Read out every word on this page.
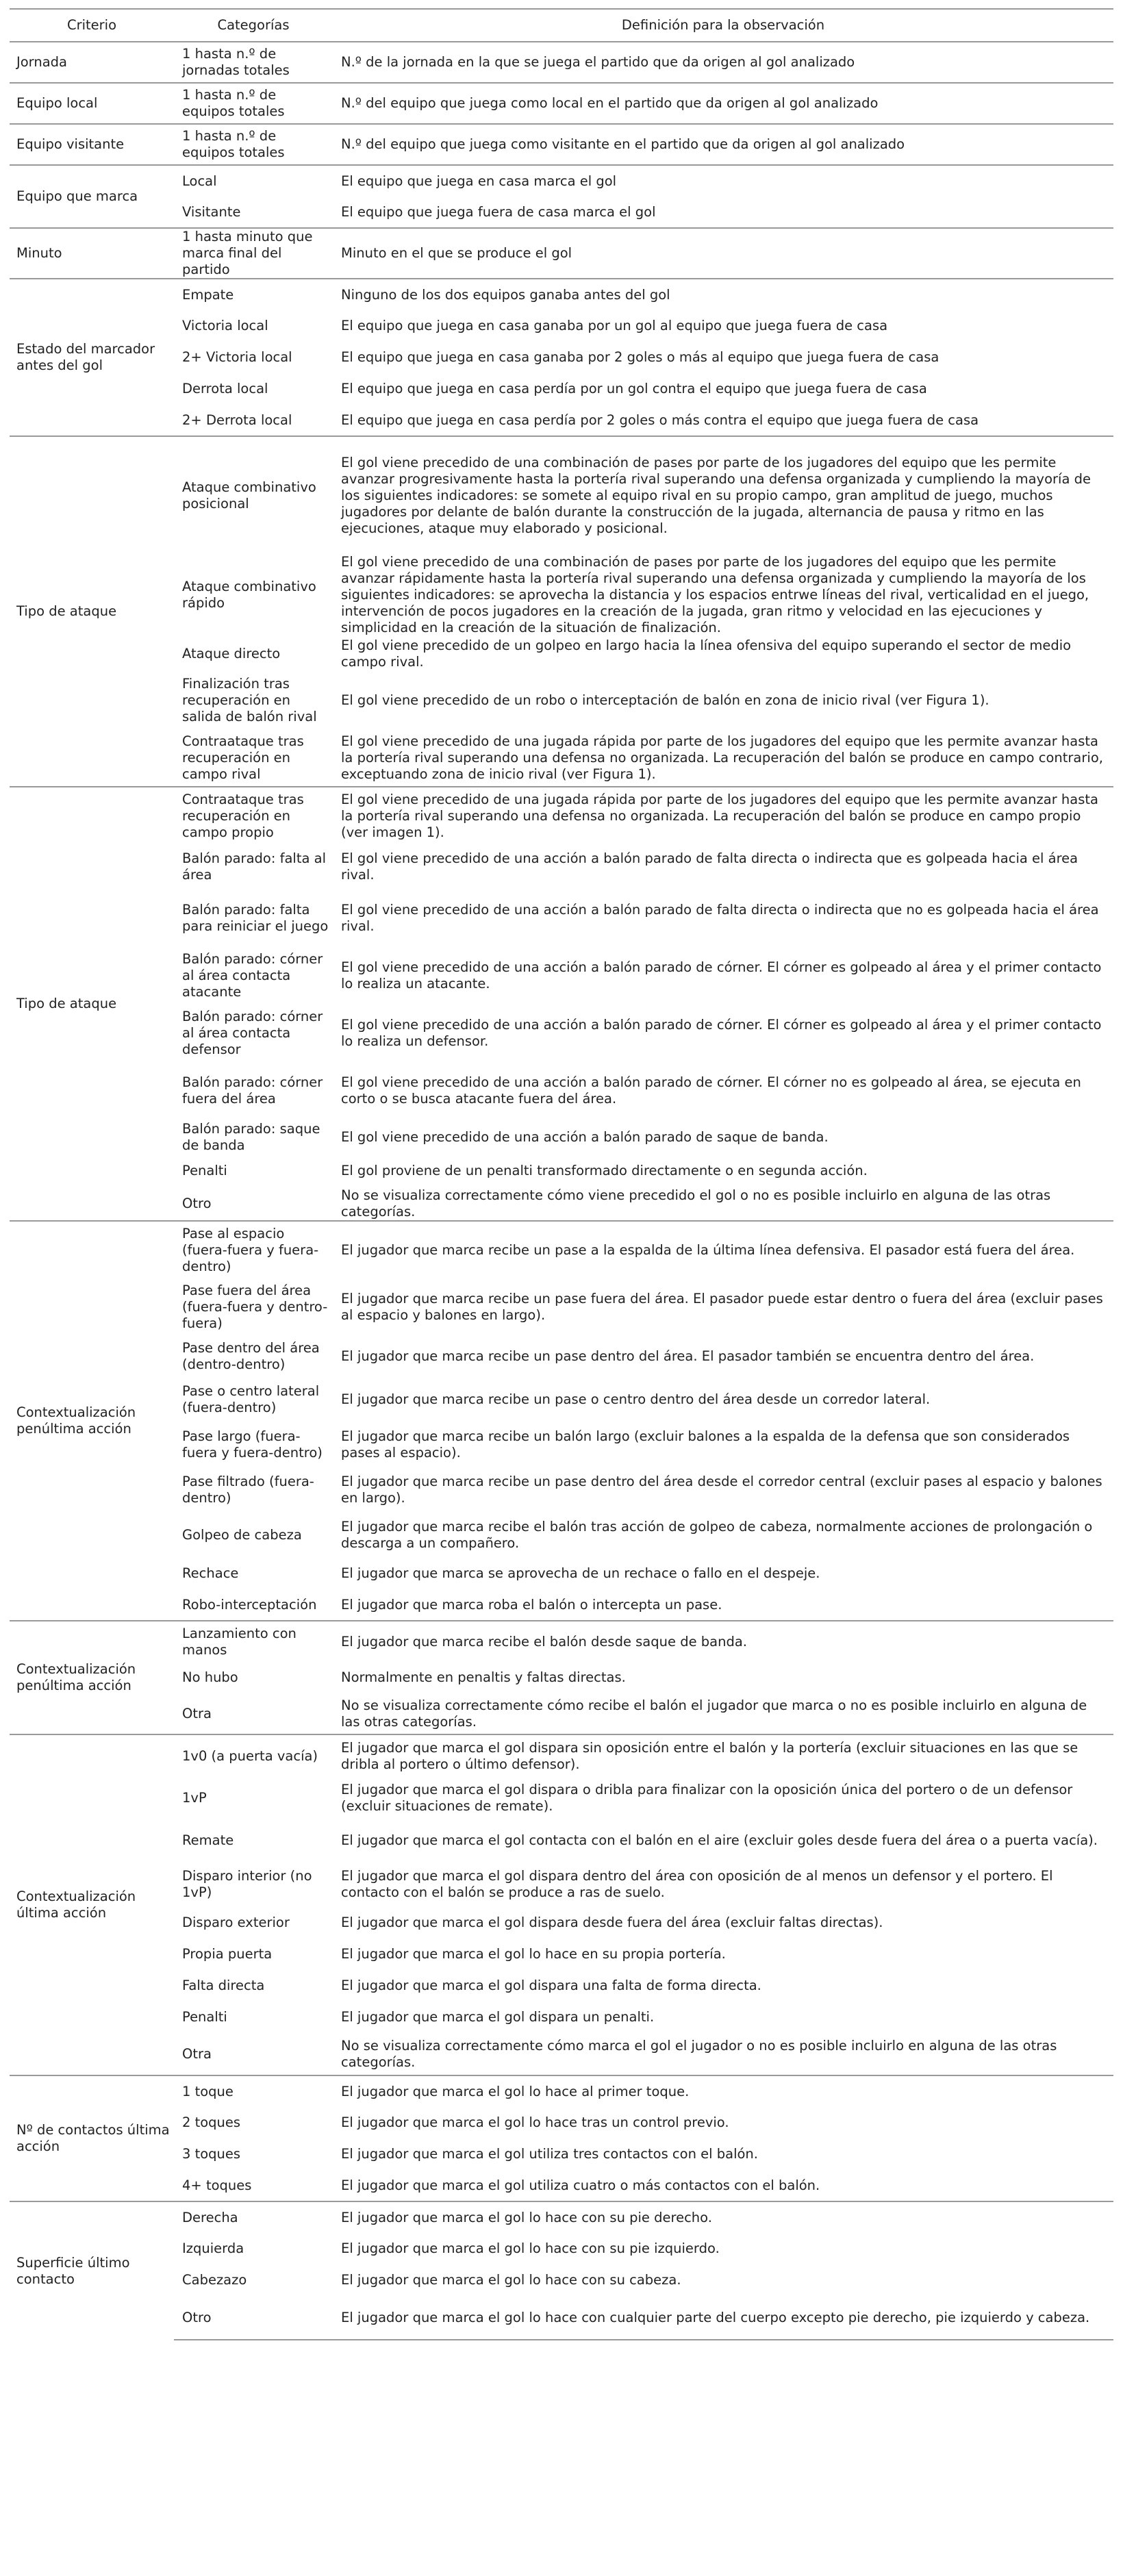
Criterio	Categorías	Definición para la observación
Jornada	1 hasta n.º de jornadas totales	N.º de la jornada en la que se juega el partido que da origen al gol analizado
Equipo local	1 hasta n.º de equipos totales	N.º del equipo que juega como local en el partido que da origen al gol analizado
Equipo visitante	1 hasta n.º de equipos totales	N.º del equipo que juega como visitante en el partido que da origen al gol analizado
Equipo que marca	Local	El equipo que juega en casa marca el gol
	Visitante	El equipo que juega fuera de casa marca el gol
Minuto	1 hasta minuto que marca final del partido	Minuto en el que se produce el gol
Estado del marcador antes del gol	Empate	Ninguno de los dos equipos ganaba antes del gol
	Victoria local	El equipo que juega en casa ganaba por un gol al equipo que juega fuera de casa
	2+ Victoria local	El equipo que juega en casa ganaba por 2 goles o más al equipo que juega fuera de casa
	Derrota local	El equipo que juega en casa perdía por un gol contra el equipo que juega fuera de casa
	2+ Derrota local	El equipo que juega en casa perdía por 2 goles o más contra el equipo que juega fuera de casa
Tipo de ataque	Ataque combinativo posicional	El gol viene precedido de una combinación de pases por parte de los jugadores del equipo que les permite avanzar progresivamente hasta la portería rival superando una defensa organizada y cumpliendo la mayoría de los siguientes indicadores: se somete al equipo rival en su propio campo, gran amplitud de juego, muchos jugadores por delante de balón durante la construcción de la jugada, alternancia de pausa y ritmo en las ejecuciones, ataque muy elaborado y posicional.
	Ataque combinativo rápido	El gol viene precedido de una combinación de pases por parte de los jugadores del equipo que les permite avanzar rápidamente hasta la portería rival superando una defensa organizada y cumpliendo la mayoría de los siguientes indicadores: se aprovecha la distancia y los espacios entrwe líneas del rival, verticalidad en el juego, intervención de pocos jugadores en la creación de la jugada, gran ritmo y velocidad en las ejecuciones y simplicidad en la creación de la situación de finalización.
	Ataque directo	El gol viene precedido de un golpeo en largo hacia la línea ofensiva del equipo superando el sector de medio campo rival.
	Finalización tras recuperación en salida de balón rival	El gol viene precedido de un robo o interceptación de balón en zona de inicio rival (ver Figura 1).
	Contraataque tras recuperación en campo rival	El gol viene precedido de una jugada rápida por parte de los jugadores del equipo que les permite avanzar hasta la portería rival superando una defensa no organizada. La recuperación del balón se produce en campo contrario, exceptuando zona de inicio rival (ver Figura 1).
Tipo de ataque	Contraataque tras recuperación en campo propio	El gol viene precedido de una jugada rápida por parte de los jugadores del equipo que les permite avanzar hasta la portería rival superando una defensa no organizada. La recuperación del balón se produce en campo propio (ver imagen 1).
	Balón parado: falta al área	El gol viene precedido de una acción a balón parado de falta directa o indirecta que es golpeada hacia el área rival.
	Balón parado: falta para reiniciar el juego	El gol viene precedido de una acción a balón parado de falta directa o indirecta que no es golpeada hacia el área rival.
	Balón parado: córner al área contacta atacante	El gol viene precedido de una acción a balón parado de córner. El córner es golpeado al área y el primer contacto lo realiza un atacante.
	Balón parado: córner al área contacta defensor	El gol viene precedido de una acción a balón parado de córner. El córner es golpeado al área y el primer contacto lo realiza un defensor.
	Balón parado: córner fuera del área	El gol viene precedido de una acción a balón parado de córner. El córner no es golpeado al área, se ejecuta en corto o se busca atacante fuera del área.
	Balón parado: saque de banda	El gol viene precedido de una acción a balón parado de saque de banda.
	Penalti	El gol proviene de un penalti transformado directamente o en segunda acción.
	Otro	No se visualiza correctamente cómo viene precedido el gol o no es posible incluirlo en alguna de las otras categorías.
Contextualización penúltima acción	Pase al espacio (fuera-fuera y fuera-dentro)	El jugador que marca recibe un pase a la espalda de la última línea defensiva. El pasador está fuera del área.
	Pase fuera del área (fuera-fuera y dentro-fuera)	El jugador que marca recibe un pase fuera del área. El pasador puede estar dentro o fuera del área (excluir pases al espacio y balones en largo).
	Pase dentro del área (dentro-dentro)	El jugador que marca recibe un pase dentro del área. El pasador también se encuentra dentro del área.
	Pase o centro lateral (fuera-dentro)	El jugador que marca recibe un pase o centro dentro del área desde un corredor lateral.
	Pase largo (fuera-fuera y fuera-dentro)	El jugador que marca recibe un balón largo (excluir balones a la espalda de la defensa que son considerados pases al espacio).
	Pase filtrado (fuera-dentro)	El jugador que marca recibe un pase dentro del área desde el corredor central (excluir pases al espacio y balones en largo).
	Golpeo de cabeza	El jugador que marca recibe el balón tras acción de golpeo de cabeza, normalmente acciones de prolongación o descarga a un compañero.
	Rechace	El jugador que marca se aprovecha de un rechace o fallo en el despeje.
	Robo-interceptación	El jugador que marca roba el balón o intercepta un pase.
Contextualización penúltima acción	Lanzamiento con manos	El jugador que marca recibe el balón desde saque de banda.
	No hubo	Normalmente en penaltis y faltas directas.
	Otra	No se visualiza correctamente cómo recibe el balón el jugador que marca o no es posible incluirlo en alguna de las otras categorías.
Contextualización última acción	1v0 (a puerta vacía)	El jugador que marca el gol dispara sin oposición entre el balón y la portería (excluir situaciones en las que se dribla al portero o último defensor).
	1vP	El jugador que marca el gol dispara o dribla para finalizar con la oposición única del portero o de un defensor (excluir situaciones de remate).
	Remate	El jugador que marca el gol contacta con el balón en el aire (excluir goles desde fuera del área o a puerta vacía).
	Disparo interior (no 1vP)	El jugador que marca el gol dispara dentro del área con oposición de al menos un defensor y el portero. El contacto con el balón se produce a ras de suelo.
	Disparo exterior	El jugador que marca el gol dispara desde fuera del área (excluir faltas directas).
	Propia puerta	El jugador que marca el gol lo hace en su propia portería.
	Falta directa	El jugador que marca el gol dispara una falta de forma directa.
	Penalti	El jugador que marca el gol dispara un penalti.
	Otra	No se visualiza correctamente cómo marca el gol el jugador o no es posible incluirlo en alguna de las otras categorías.
Nº de contactos última acción	1 toque	El jugador que marca el gol lo hace al primer toque.
	2 toques	El jugador que marca el gol lo hace tras un control previo.
	3 toques	El jugador que marca el gol utiliza tres contactos con el balón.
	4+ toques	El jugador que marca el gol utiliza cuatro o más contactos con el balón.
Superficie último contacto	Derecha	El jugador que marca el gol lo hace con su pie derecho.
	Izquierda	El jugador que marca el gol lo hace con su pie izquierdo.
	Cabezazo	El jugador que marca el gol lo hace con su cabeza.
	Otro	El jugador que marca el gol lo hace con cualquier parte del cuerpo excepto pie derecho, pie izquierdo y cabeza.
